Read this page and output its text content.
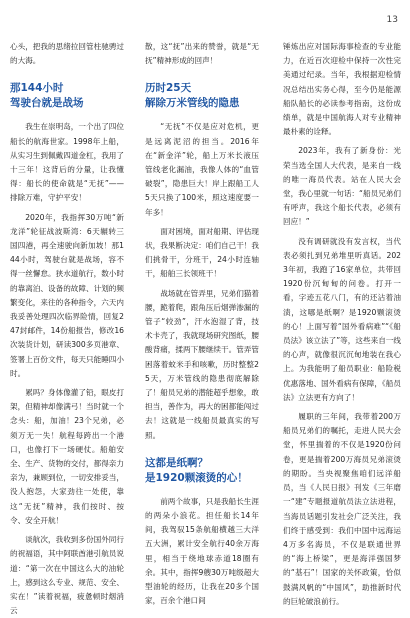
13

心头，把我的思绪拉回管柱驰骋过的大海。

那144小时
驾驶台就是战场

我生在崇明岛，一个出了四位船长的航海世家。1998年上船，从实习生到佩戴四道金杠，我用了十三年！这背后的分量，让我懂得：船长的使命就是“无抚”——排除万难，守护平安！

2020年，我指挥30万吨“新龙洋”轮征战波斯湾：6天辗转三国四港，再全速驶向新加坡！那144小时，驾驶台就是战场，容不得一丝懈怠。狭水道航行，数小时的靠离泊、设备的故障、计划的频繁变化，来往的各种指令，六天内我妥善处理四次临界险情，回复247封邮件，14份船报告，修改16次装货计划，研读300多页港章、签署上百份文件，每天只能睡四小时。

累吗？身体像灌了铅，眼皮打架，但精神却像满弓！当时就一个念头：船，加油！23个兄弟，必须万无一失！航程每跨出一个港口，也像打下一场硬仗。船舶安全、生产、货物的交付，都得亲力亲为，兼顾到位，一切安排妥当，没人抱怨，大家劲往一处使，靠这“无抚”精神，我们按时、按令、安全开航！

谈航次，我收到多份国外同行的祝福语，其中阿联酋港引航员说道：“第一次在中国这么大的油轮上，感到这么专业、规范、安全、实在！”读着祝福，疲惫顿时烟消云

散，这“抚”出来的赞誉，就是“无抚”精神形成的回声！

历时25天
解除万米管线的隐患

“无抚”不仅是应对危机，更是远离泥沼的担当。2016年在“新金洋”轮，船上万米长液压管线老化漏油，我像人体的“血管破裂”，隐患巨大！岸上跟船工人5天只换了100米，照这速度要一年多！

面对困境，面对船期、评估现状，我果断决定：咱们自己干！我们挑骨干，分班干，24小时连轴干，船舶三长领班干！

战场就在管弄里，兄弟们猫着腰，跪着爬，跟角压后烟弹渗漏的管子“较劲”，汗水泡湿了背，技术卡壳了，我就现场研究图纸，腰酸背痛，揉两下腰继续干。管弄管困落着蚊米手和咳嗽，历时整整25天，万米管线的隐患彻底解除了！船员兄弟的潜能超乎想象，敢担当，善作为，再大的困都能闯过去！这就是一线船员最真实的写照。

这都是纸啊？
是1920颗滚烫的心！

前两个故事，只是我船长生涯的两朵小浪花。担任船长14年间，我驾驭15条航船横越三大洋五大洲，累计安全航行40余万海里，相当于绕地球赤道18圈有余。其中，指挥9艘30万吨级超大型油轮的经历，让我在20多个国家，百余个港口间

锤炼出应对国际海事检查的专业能力，在近百次迎检中保持一次性完美通过纪录。当年，我根据迎检情况总结出实务心得，至今仍是能源船队船长的必读参考指南，这份成绩单，就是中国航海人对专业精神最朴素的诠释。

2023年，我有了新身份：光荣当选全国人大代表，是来自一线的唯一海员代表。站在人民大会堂，我心里就一句话：“船员兄弟们有呼声，我这个船长代表，必须有回应！”

没有调研就没有发言权，当代表必须扎到兄弟堆里听真话。2023年初，我跑了16家单位，共带回1920份沉甸甸的问卷。打开一看，字迹五花八门，有的还沾着油渍，这哪是纸啊？是1920颗滚烫的心！上面写着“国外看病难”“《船员法》该立法了”等，这些来自一线的心声，就像很沉沉甸地装在我心上。为我能明了船员职业：船险税优惠落地、国外看病有保障，《船员法》立法更有方向了！

履职的三年间，我带着200万船员兄弟们的嘱托，走进人民大会堂，怀里揣着的不仅是1920份问卷，更是揣着200万海员兄弟滚烫的期盼。当央视聚焦咱们远洋船员，当《人民日报》刊发《三年磨一“建”专题报道航员法立法进程，当海员话题引发社会广泛关注，我们终于感受到：我们中国中远海运4万多名海员，不仅是联通世界的“海上桥梁”，更是海洋强国梦的“基石”！国家的关怀政策，恰似鼓满风帆的“中国风”，助推新时代的巨轮破浪前行。
